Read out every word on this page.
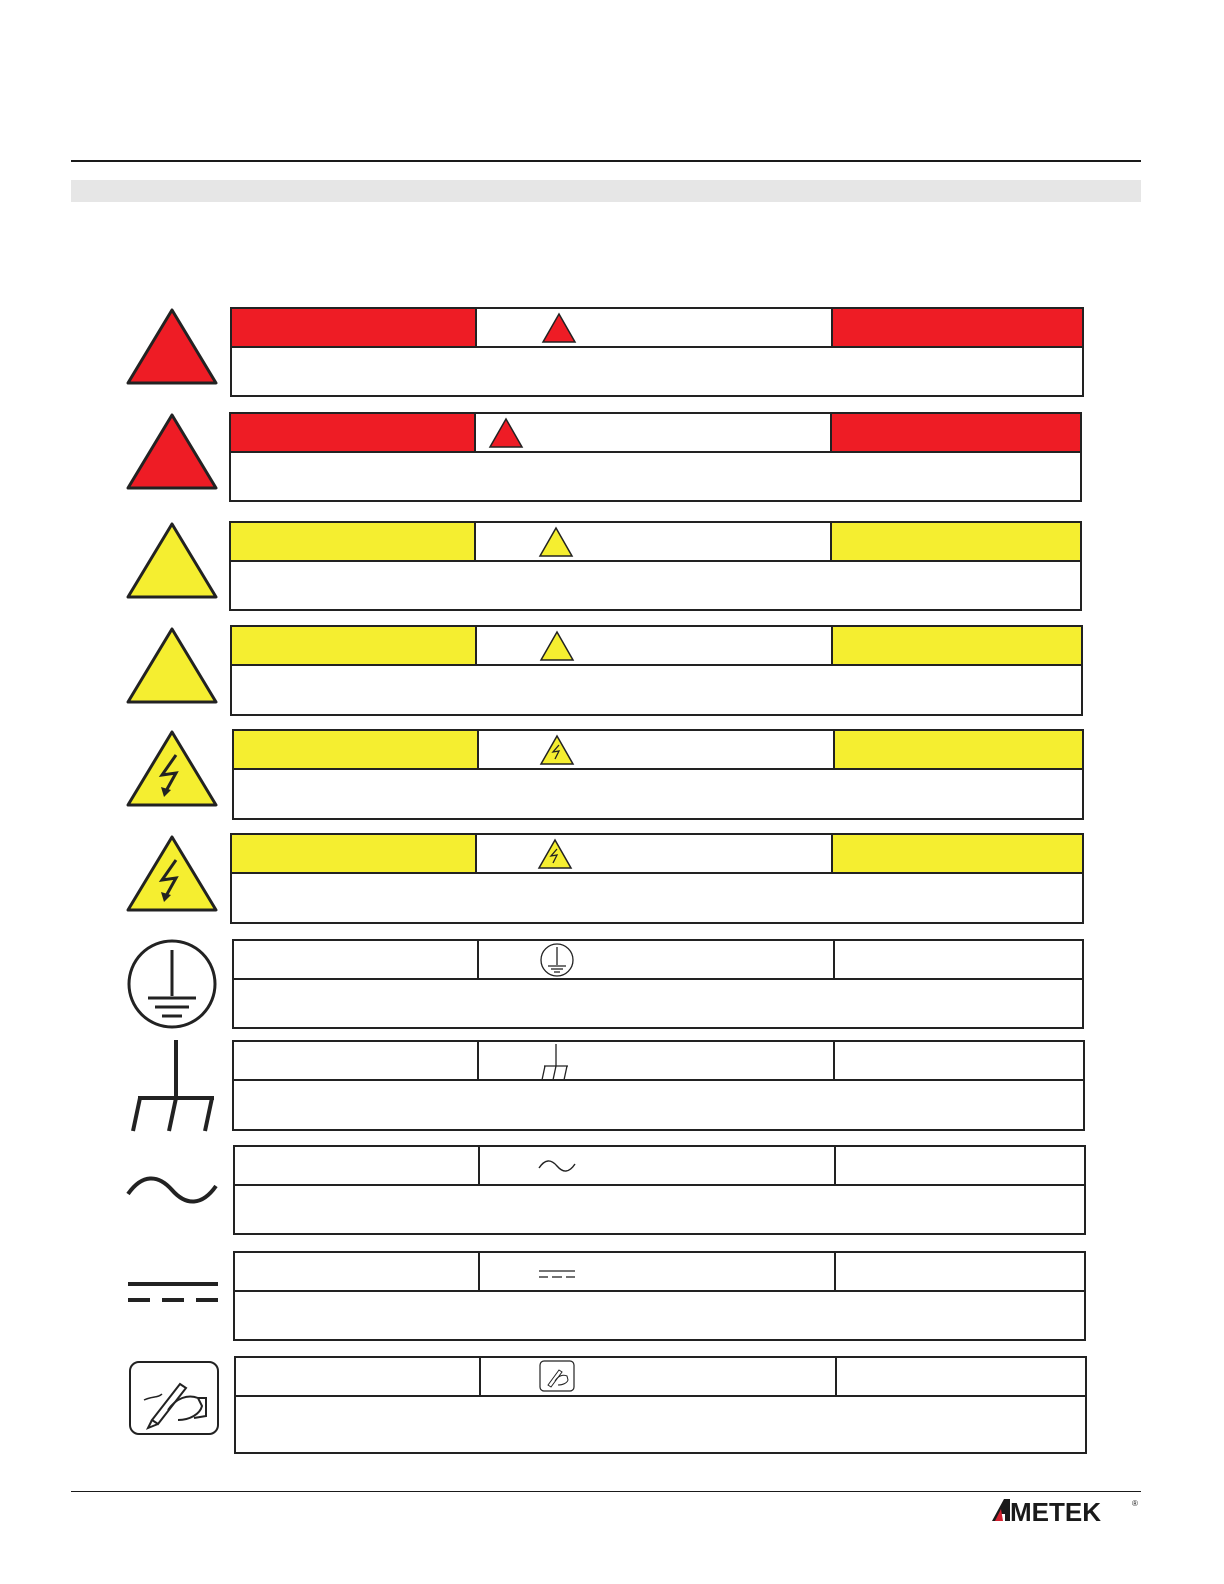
METEK	®
